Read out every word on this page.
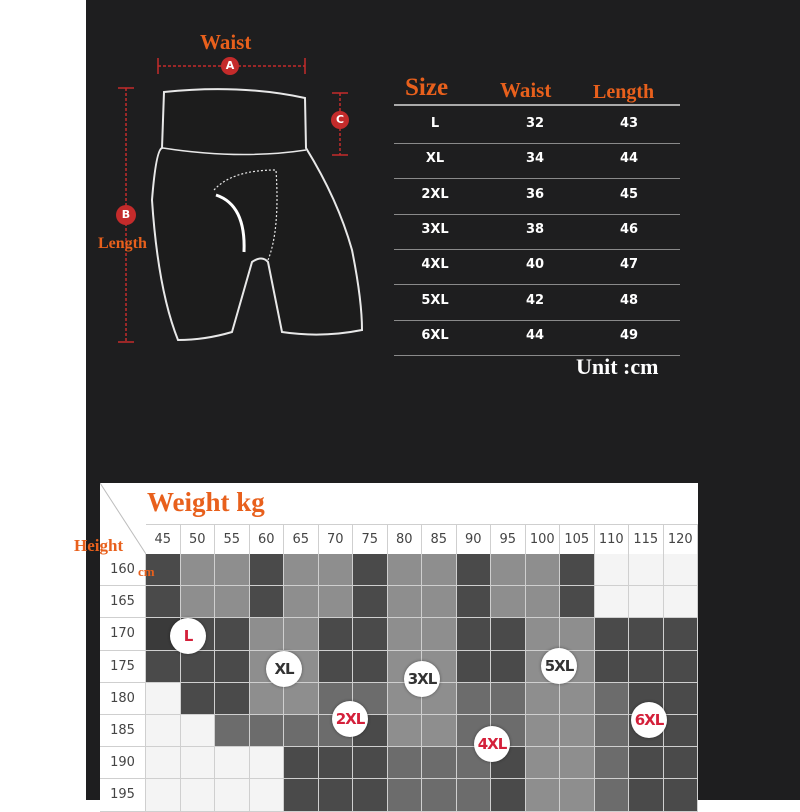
Waist
Length
A
B
C
Size Waist Length
L	32	43
XL	34	44
2XL	36	45
3XL	38	46
4XL	40	47
5XL	42	48
6XL	44	49
Unit :cm
45	50	55	60	65	70	75	80	85	90	95	100 105 110 115 120
160
165
170
175
180
185
190
195
Weight kg
Height
cm
L
XL
3XL
5XL
2XL
4XL
6XL
